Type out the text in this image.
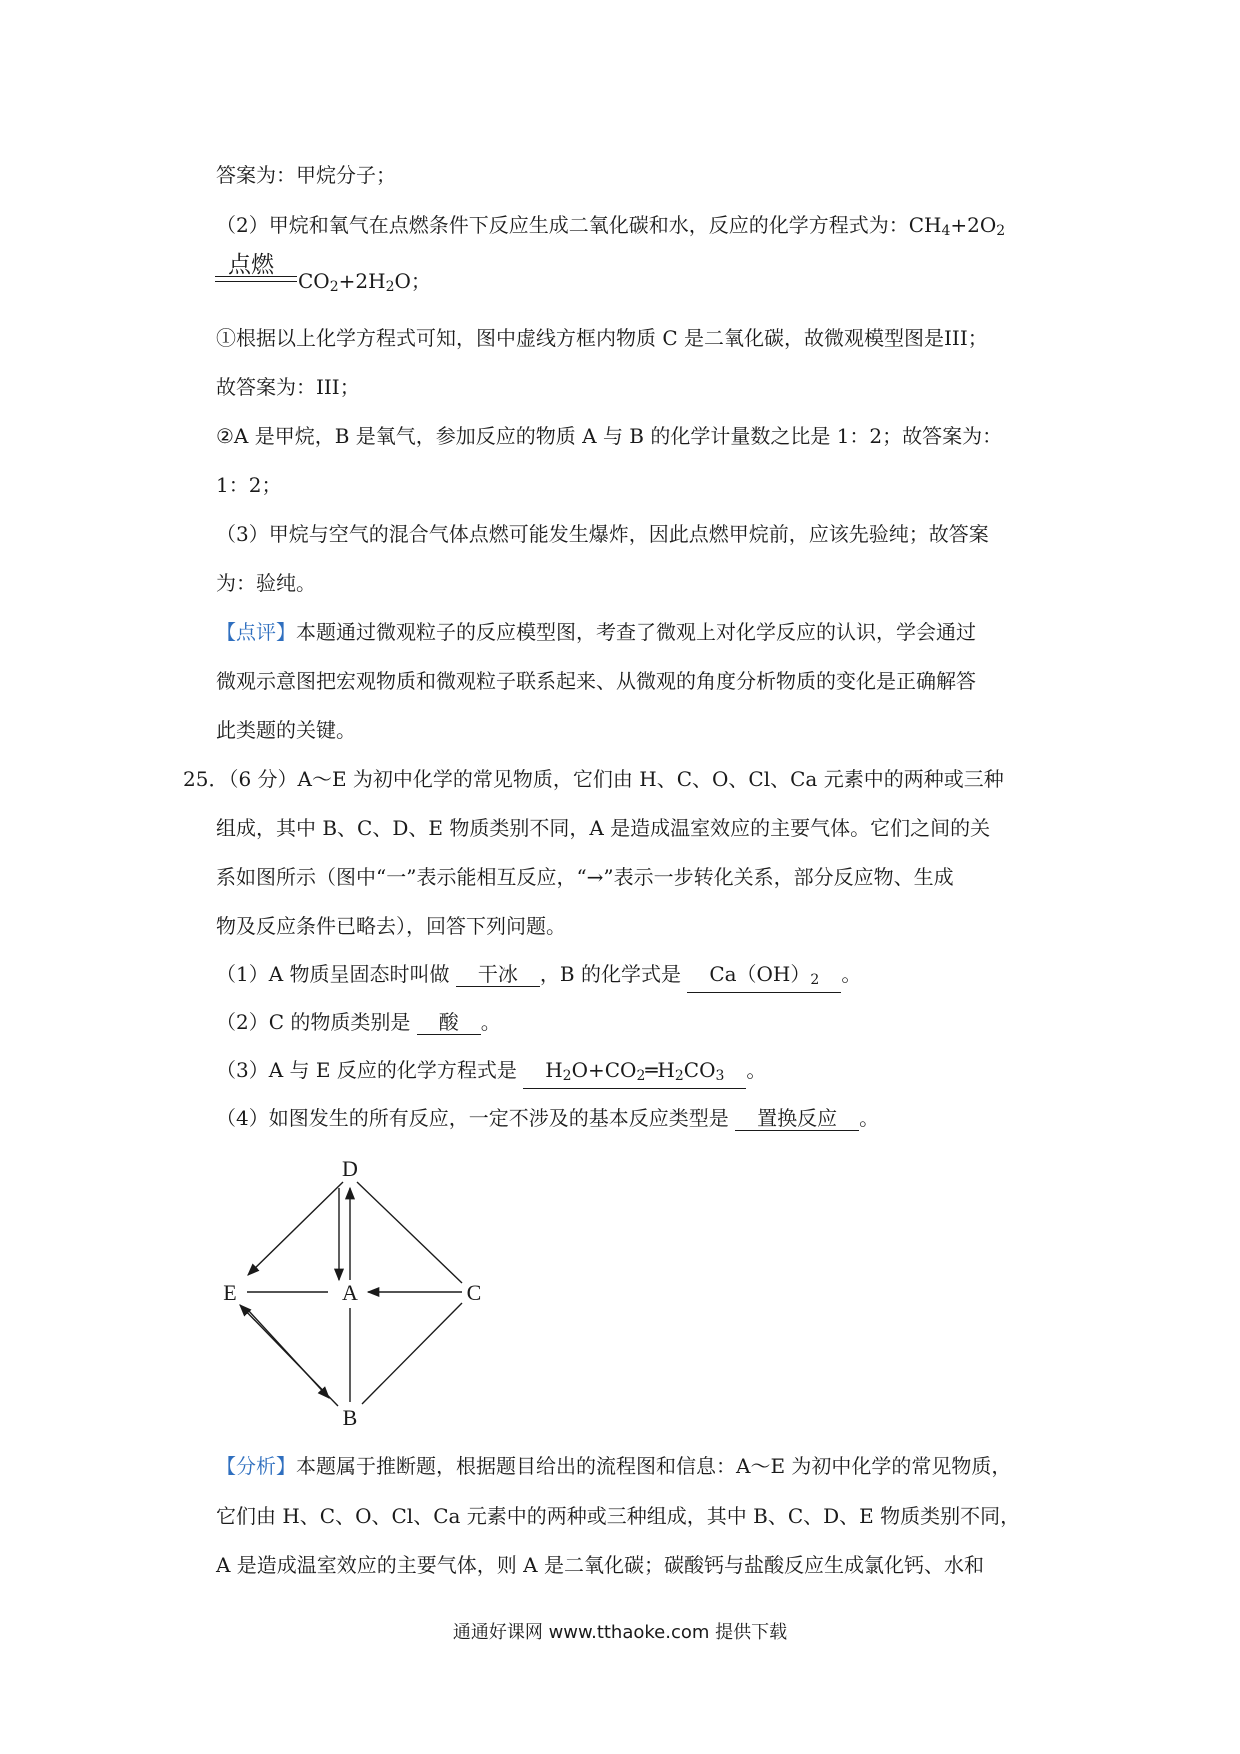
答案为：甲烷分子；
（2）甲烷和氧气在点燃条件下反应生成二氧化碳和水，反应的化学方程式为：$CH_4+2O_2$
点燃
$CO_2+2H_2O$；
①根据以上化学方程式可知，图中虚线方框内物质 C 是二氧化碳，故微观模型图是III；
故答案为：III；
②A 是甲烷，B 是氧气，参加反应的物质 A 与 B 的化学计量数之比是 1：2；故答案为：
1：2；
（3）甲烷与空气的混合气体点燃可能发生爆炸，因此点燃甲烷前，应该先验纯；故答案
为：验纯。
【点评】本题通过微观粒子的反应模型图，考查了微观上对化学反应的认识，学会通过
微观示意图把宏观物质和微观粒子联系起来、从微观的角度分析物质的变化是正确解答
此类题的关键。
25．（6 分）A～E 为初中化学的常见物质，它们由 H、C、O、Cl、Ca 元素中的两种或三种
组成，其中 B、C、D、E 物质类别不同，A 是造成温室效应的主要气体。它们之间的关
系如图所示（图中“一”表示能相互反应，“→”表示一步转化关系，部分反应物、生成
物及反应条件已略去），回答下列问题。
（1）A 物质呈固态时叫做 干冰 ，B 的化学式是 $Ca(OH)_2$ 。
（2）C 的物质类别是 酸 。
（3）A 与 E 反应的化学方程式是 $H_2O+CO_2═H_2CO_3$ 。
（4）如图发生的所有反应，一定不涉及的基本反应类型是 置换反应 。
D
E	A	C
B
【分析】本题属于推断题，根据题目给出的流程图和信息：A～E 为初中化学的常见物质，
它们由 H、C、O、Cl、Ca 元素中的两种或三种组成，其中 B、C、D、E 物质类别不同，
A 是造成温室效应的主要气体，则 A 是二氧化碳；碳酸钙与盐酸反应生成氯化钙、水和
通通好课网 www.tthaoke.com 提供下载
